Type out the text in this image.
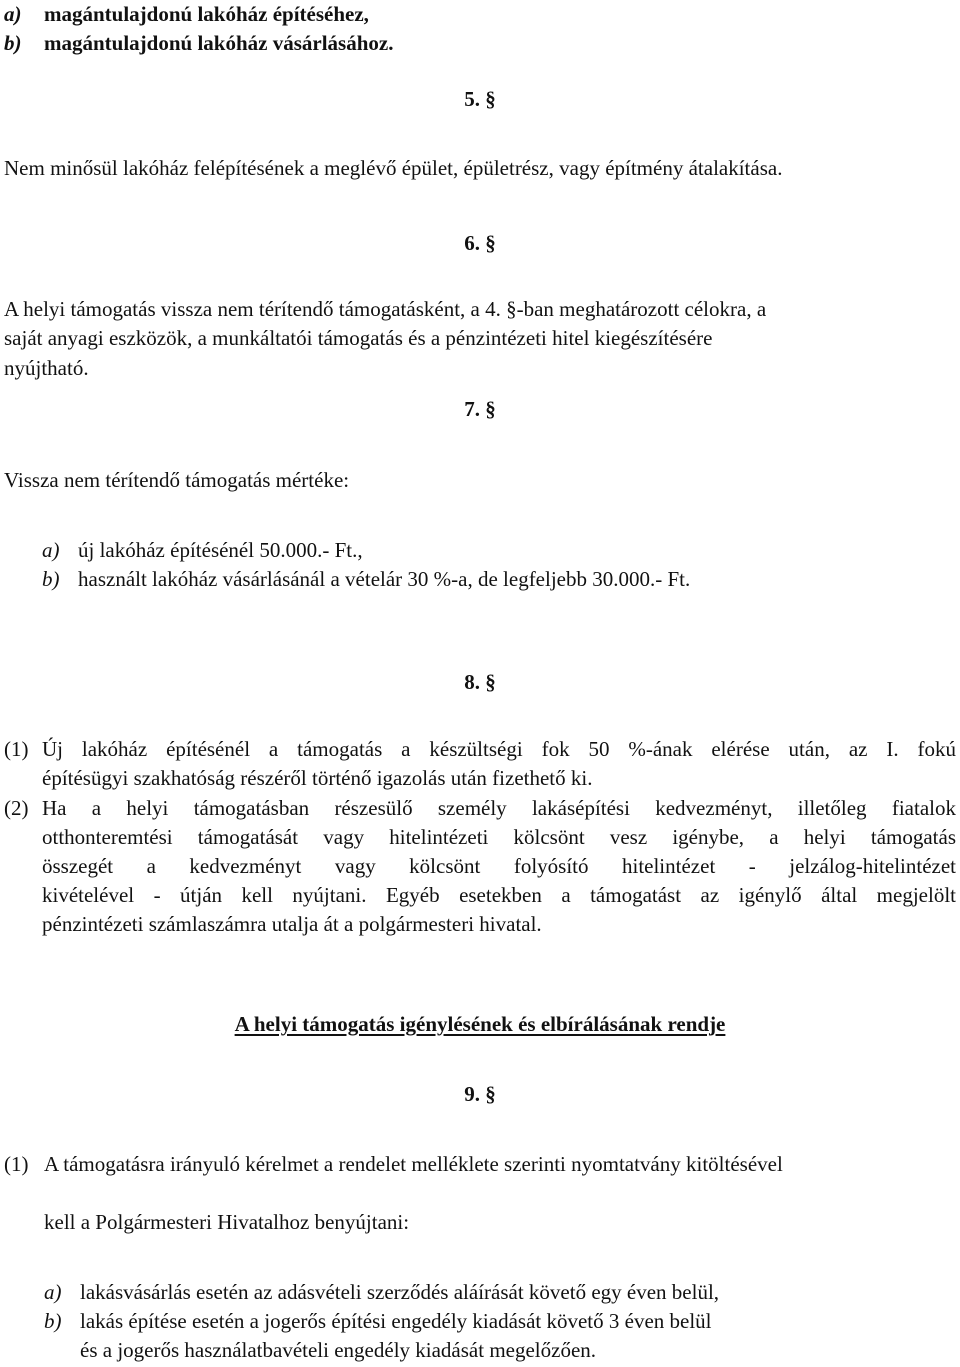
a) magántulajdonú lakóház építéséhez,
b) magántulajdonú lakóház vásárlásához.
5. §
Nem minősül lakóház felépítésének a meglévő épület, épületrész, vagy építmény átalakítása.
6. §
A helyi támogatás vissza nem térítendő támogatásként, a 4. §-ban meghatározott célokra, a
saját anyagi eszközök, a munkáltatói támogatás és a pénzintézeti hitel kiegészítésére
nyújtható.
7. §
Vissza nem térítendő támogatás mértéke:
a) új lakóház építésénél 50.000.- Ft.,
b) használt lakóház vásárlásánál a vételár 30 %-a, de legfeljebb 30.000.- Ft.
8. §
(1) Új lakóház építésénél a támogatás a készültségi fok 50 %-ának elérése után, az I. fokú
építésügyi szakhatóság részéről történő igazolás után fizethető ki.
(2) Ha a helyi támogatásban részesülő személy lakásépítési kedvezményt, illetőleg fiatalok
otthonteremtési támogatását vagy hitelintézeti kölcsönt vesz igénybe, a helyi támogatás
összegét a kedvezményt vagy kölcsönt folyósító hitelintézet - jelzálog-hitelintézet
kivételével - útján kell nyújtani. Egyéb esetekben a támogatást az igénylő által megjelölt
pénzintézeti számlaszámra utalja át a polgármesteri hivatal.
A helyi támogatás igénylésének és elbírálásának rendje
9. §
(1) A támogatásra irányuló kérelmet a rendelet melléklete szerinti nyomtatvány kitöltésével
kell a Polgármesteri Hivatalhoz benyújtani:
a) lakásvásárlás esetén az adásvételi szerződés aláírását követő egy éven belül,
b) lakás építése esetén a jogerős építési engedély kiadását követő 3 éven belül
és a jogerős használatbavételi engedély kiadását megelőzően.
